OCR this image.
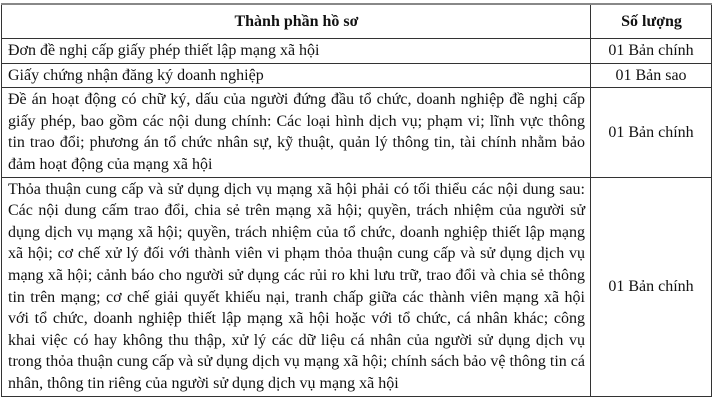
Thành phần hồ sơ	Số lượng
Đơn đề nghị cấp giấy phép thiết lập mạng xã hội	01 Bản chính
Giấy chứng nhận đăng ký doanh nghiệp	01 Bản sao
Đề án hoạt động có chữ ký, dấu của người đứng đầu tổ chức, doanh nghiệp đề nghị cấp giấy phép, bao gồm các nội dung chính: Các loại hình dịch vụ; phạm vi; lĩnh vực thông tin trao đổi; phương án tổ chức nhân sự, kỹ thuật, quản lý thông tin, tài chính nhằm bảo đảm hoạt động của mạng xã hội	01 Bản chính
Thỏa thuận cung cấp và sử dụng dịch vụ mạng xã hội phải có tối thiểu các nội dung sau: Các nội dung cấm trao đổi, chia sẻ trên mạng xã hội; quyền, trách nhiệm của người sử dụng dịch vụ mạng xã hội; quyền, trách nhiệm của tổ chức, doanh nghiệp thiết lập mạng xã hội; cơ chế xử lý đối với thành viên vi phạm thỏa thuận cung cấp và sử dụng dịch vụ mạng xã hội; cảnh báo cho người sử dụng các rủi ro khi lưu trữ, trao đổi và chia sẻ thông tin trên mạng; cơ chế giải quyết khiếu nại, tranh chấp giữa các thành viên mạng xã hội với tổ chức, doanh nghiệp thiết lập mạng xã hội hoặc với tổ chức, cá nhân khác; công khai việc có hay không thu thập, xử lý các dữ liệu cá nhân của người sử dụng dịch vụ trong thỏa thuận cung cấp và sử dụng dịch vụ mạng xã hội; chính sách bảo vệ thông tin cá nhân, thông tin riêng của người sử dụng dịch vụ mạng xã hội	01 Bản chính
